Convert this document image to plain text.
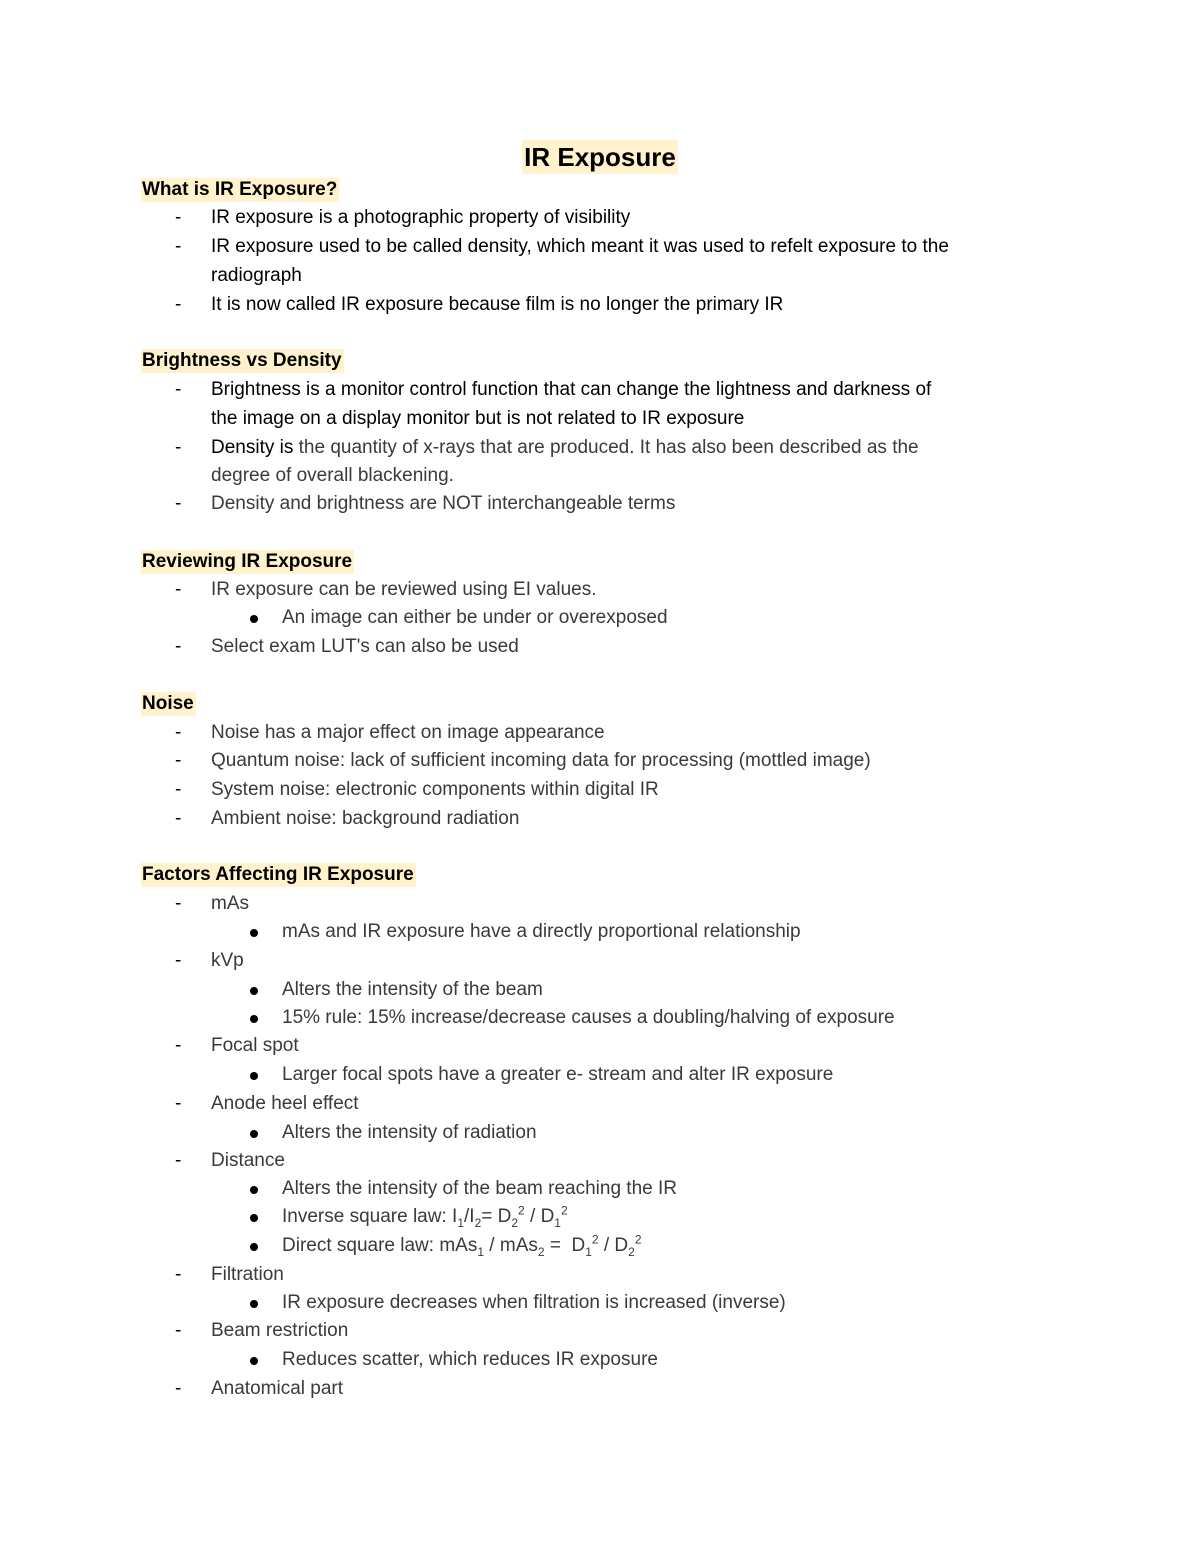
IR Exposure
What is IR Exposure?
- IR exposure is a photographic property of visibility
- IR exposure used to be called density, which meant it was used to refelt exposure to the
radiograph
- It is now called IR exposure because film is no longer the primary IR
Brightness vs Density
- Brightness is a monitor control function that can change the lightness and darkness of
the image on a display monitor but is not related to IR exposure
- Density is the quantity of x-rays that are produced. It has also been described as the
degree of overall blackening.
- Density and brightness are NOT interchangeable terms
Reviewing IR Exposure
- IR exposure can be reviewed using EI values.
An image can either be under or overexposed
- Select exam LUT's can also be used
Noise
- Noise has a major effect on image appearance
- Quantum noise: lack of sufficient incoming data for processing (mottled image)
- System noise: electronic components within digital IR
- Ambient noise: background radiation
Factors Affecting IR Exposure
- mAs
mAs and IR exposure have a directly proportional relationship
- kVp
Alters the intensity of the beam
15% rule: 15% increase/decrease causes a doubling/halving of exposure
- Focal spot
Larger focal spots have a greater e- stream and alter IR exposure
- Anode heel effect
Alters the intensity of radiation
- Distance
Alters the intensity of the beam reaching the IR
Inverse square law: $I_1/I_2= D_2^2 / D_1^2$
Direct square law: $mAs_1 / mAs_2 = D_1^2 / D_2^2$
- Filtration
IR exposure decreases when filtration is increased (inverse)
- Beam restriction
Reduces scatter, which reduces IR exposure
- Anatomical part
